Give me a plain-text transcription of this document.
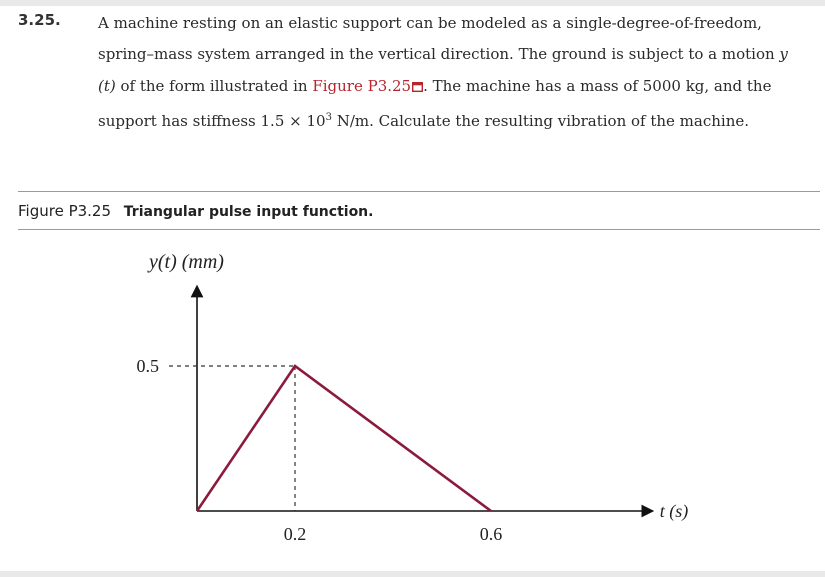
3.25. A machine resting on an elastic support can be modeled as a single-degree-of-freedom, spring–mass system arranged in the vertical direction. The ground is subject to a motion y (t) of the form illustrated in Figure P3.25 . The machine has a mass of 5000 kg, and the support has stiffness $1.5 \times 10^3$ N/m. Calculate the resulting vibration of the machine.
Figure P3.25 Triangular pulse input function.
y(t) (mm)
t (s)
0.5
0.2	0.6
